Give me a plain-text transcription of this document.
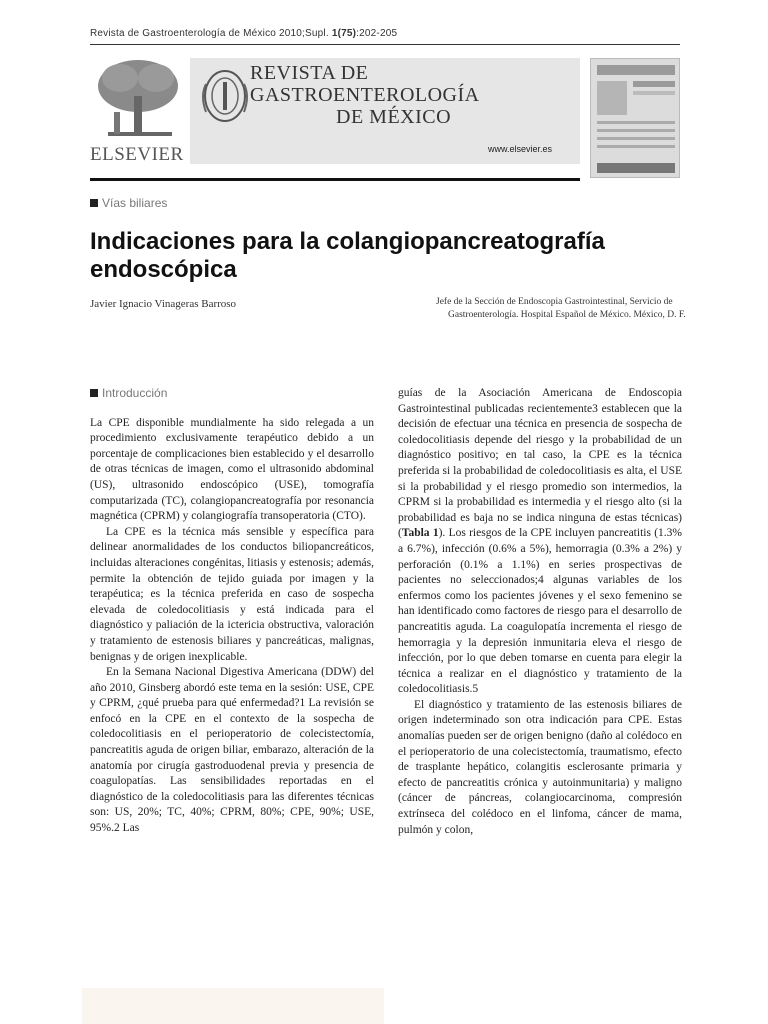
Revista de Gastroenterología de México 2010;Supl. 1(75):202-205
ELSEVIER
REVISTA DE
GASTROENTEROLOGÍA
DE MÉXICO
www.elsevier.es
Vías biliares
Indicaciones para la colangiopancreatografía endoscópica
Javier Ignacio Vinageras Barroso	Jefe de la Sección de Endoscopia Gastrointestinal, Servicio de Gastroenterología. Hospital Español de México. México, D. F.

Introducción

La CPE disponible mundialmente ha sido relegada a un procedimiento exclusivamente terapéutico debido a un porcentaje de complicaciones bien establecido y el desarrollo de otras técnicas de imagen, como el ultrasonido abdominal (US), ultrasonido endoscópico (USE), tomografía computarizada (TC), colangiopancreatografía por resonancia magnética (CPRM) y colangiografía transoperatoria (CTO).

La CPE es la técnica más sensible y específica para delinear anormalidades de los conductos biliopancreáticos, incluidas alteraciones congénitas, litiasis y estenosis; además, permite la obtención de tejido guiada por imagen y la terapéutica; es la técnica preferida en caso de sospecha elevada de coledocolitiasis y está indicada para el diagnóstico y paliación de la ictericia obstructiva, valoración y tratamiento de estenosis biliares y pancreáticas, malignas, benignas y de origen inexplicable.

En la Semana Nacional Digestiva Americana (DDW) del año 2010, Ginsberg abordó este tema en la sesión: USE, CPE y CPRM, ¿qué prueba para qué enfermedad?1 La revisión se enfocó en la CPE en el contexto de la sospecha de coledocolitiasis en el perioperatorio de colecistectomía, pancreatitis aguda de origen biliar, embarazo, alteración de la anatomía por cirugía gastroduodenal previa y presencia de coagulopatías. Las sensibilidades reportadas en el diagnóstico de la coledocolitiasis para las diferentes técnicas son: US, 20%; TC, 40%; CPRM, 80%; CPE, 90%; USE, 95%.2 Las

guías de la Asociación Americana de Endoscopia Gastrointestinal publicadas recientemente3 establecen que la decisión de efectuar una técnica en presencia de sospecha de coledocolitiasis depende del riesgo y la probabilidad de un diagnóstico positivo; en tal caso, la CPE es la técnica preferida si la probabilidad de coledocolitiasis es alta, el USE si la probabilidad y el riesgo promedio son intermedios, la CPRM si la probabilidad es intermedia y el riesgo alto (si la probabilidad es baja no se indica ninguna de estas técnicas) (Tabla 1). Los riesgos de la CPE incluyen pancreatitis (1.3% a 6.7%), infección (0.6% a 5%), hemorragia (0.3% a 2%) y perforación (0.1% a 1.1%) en series prospectivas de pacientes no seleccionados;4 algunas variables de los enfermos como los pacientes jóvenes y el sexo femenino se han identificado como factores de riesgo para el desarrollo de pancreatitis aguda. La coagulopatía incrementa el riesgo de hemorragia y la depresión inmunitaria eleva el riesgo de infección, por lo que deben tomarse en cuenta para elegir la técnica a realizar en el diagnóstico y tratamiento de la coledocolitiasis.5

El diagnóstico y tratamiento de las estenosis biliares de origen indeterminado son otra indicación para CPE. Estas anomalías pueden ser de origen benigno (daño al colédoco en el perioperatorio de una colecistectomía, traumatismo, efecto de trasplante hepático, colangitis esclerosante primaria y efecto de pancreatitis crónica y autoinmunitaria) y maligno (cáncer de páncreas, colangiocarcinoma, compresión extrínseca del colédoco en el linfoma, cáncer de mama, pulmón y colon,
